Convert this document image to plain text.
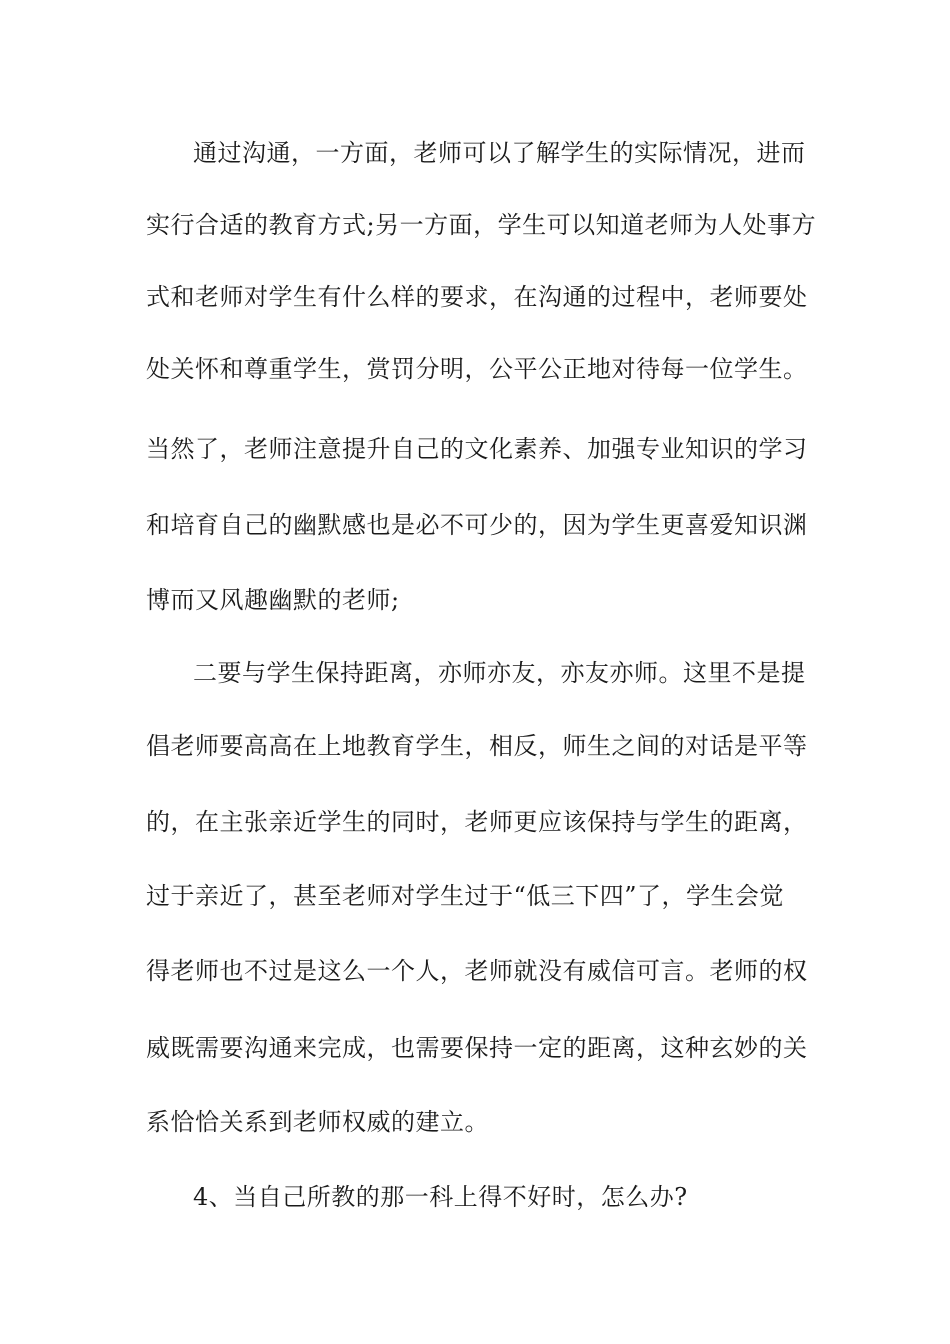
通过沟通，一方面，老师可以了解学生的实际情况，进而
实行合适的教育方式;另一方面，学生可以知道老师为人处事方
式和老师对学生有什么样的要求，在沟通的过程中，老师要处
处关怀和尊重学生，赏罚分明，公平公正地对待每一位学生。
当然了，老师注意提升自己的文化素养、加强专业知识的学习
和培育自己的幽默感也是必不可少的，因为学生更喜爱知识渊
博而又风趣幽默的老师;
二要与学生保持距离，亦师亦友，亦友亦师。这里不是提
倡老师要高高在上地教育学生，相反，师生之间的对话是平等
的，在主张亲近学生的同时，老师更应该保持与学生的距离，
过于亲近了，甚至老师对学生过于“低三下四”了，学生会觉
得老师也不过是这么一个人，老师就没有威信可言。老师的权
威既需要沟通来完成，也需要保持一定的距离，这种玄妙的关
系恰恰关系到老师权威的建立。
4、当自己所教的那一科上得不好时，怎么办?
